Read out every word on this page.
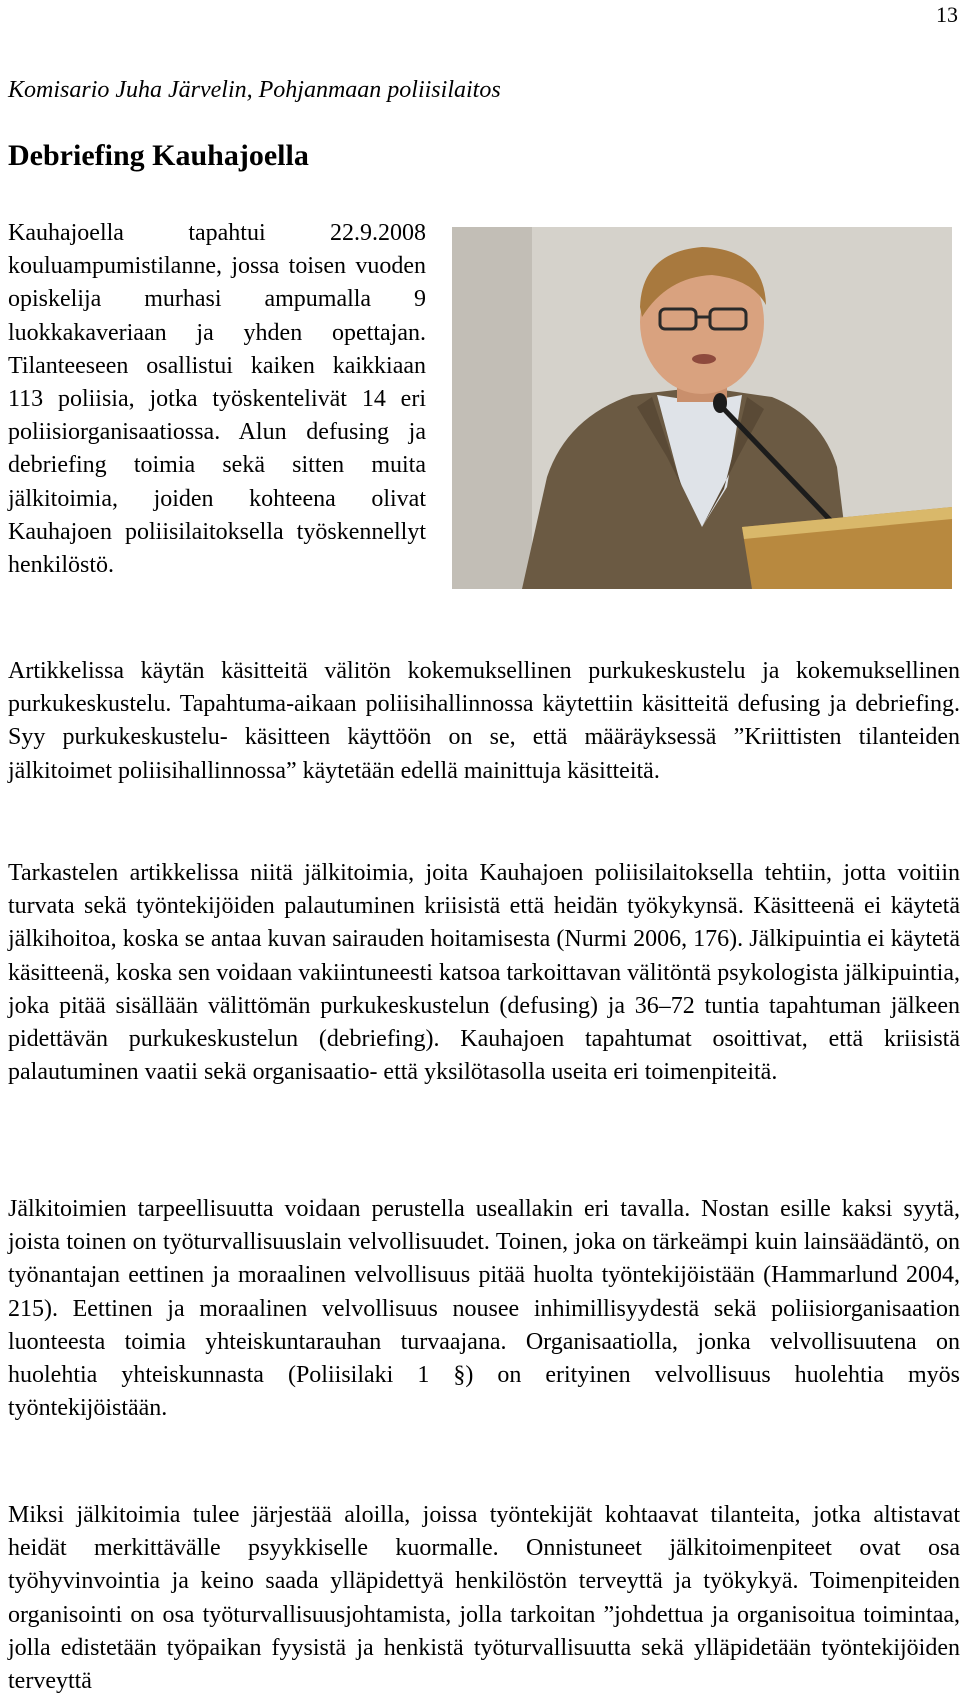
13
Komisario Juha Järvelin, Pohjanmaan poliisilaitos
Debriefing Kauhajoella

Kauhajoella tapahtui 22.9.2008 kouluampumistilanne, jossa toisen vuoden opiskelija murhasi ampumalla 9 luokkakaveriaan ja yhden opettajan. Tilanteeseen osallistui kaiken kaikkiaan 113 poliisia, jotka työskentelivät 14 eri poliisiorganisaatiossa. Alun defusing ja debriefing toimia sekä sitten muita jälkitoimia, joiden kohteena olivat Kauhajoen poliisilaitoksella työskennellyt henkilöstö.

Artikkelissa käytän käsitteitä välitön kokemuksellinen purkukeskustelu ja kokemuksellinen purkukeskustelu. Tapahtuma-aikaan poliisihallinnossa käytettiin käsitteitä defusing ja debriefing. Syy purkukeskustelu- käsitteen käyttöön on se, että määräyksessä ”Kriittisten tilanteiden jälkitoimet poliisihallinnossa” käytetään edellä mainittuja käsitteitä.

Tarkastelen artikkelissa niitä jälkitoimia, joita Kauhajoen poliisilaitoksella tehtiin, jotta voitiin turvata sekä työntekijöiden palautuminen kriisistä että heidän työkykynsä. Käsitteenä ei käytetä jälkihoitoa, koska se antaa kuvan sairauden hoitamisesta (Nurmi 2006, 176). Jälkipuintia ei käytetä käsitteenä, koska sen voidaan vakiintuneesti katsoa tarkoittavan välitöntä psykologista jälkipuintia, joka pitää sisällään välittömän purkukeskustelun (defusing) ja 36–72 tuntia tapahtuman jälkeen pidettävän purkukeskustelun (debriefing). Kauhajoen tapahtumat osoittivat, että kriisistä palautuminen vaatii sekä organisaatio- että yksilötasolla useita eri toimenpiteitä.

Jälkitoimien tarpeellisuutta voidaan perustella useallakin eri tavalla. Nostan esille kaksi syytä, joista toinen on työturvallisuuslain velvollisuudet. Toinen, joka on tärkeämpi kuin lainsäädäntö, on työnantajan eettinen ja moraalinen velvollisuus pitää huolta työntekijöistään (Hammarlund 2004, 215). Eettinen ja moraalinen velvollisuus nousee inhimillisyydestä sekä poliisiorganisaation luonteesta toimia yhteiskuntarauhan turvaajana. Organisaatiolla, jonka velvollisuutena on huolehtia yhteiskunnasta (Poliisilaki 1 §) on erityinen velvollisuus huolehtia myös työntekijöistään.

Miksi jälkitoimia tulee järjestää aloilla, joissa työntekijät kohtaavat tilanteita, jotka altistavat heidät merkittävälle psyykkiselle kuormalle. Onnistuneet jälkitoimenpiteet ovat osa työhyvinvointia ja keino saada ylläpidettyä henkilöstön terveyttä ja työkykyä. Toimenpiteiden organisointi on osa työturvallisuusjohtamista, jolla tarkoitan ”johdettua ja organisoitua toimintaa, jolla edistetään työpaikan fyysistä ja henkistä työturvallisuutta sekä ylläpidetään työntekijöiden terveyttä
